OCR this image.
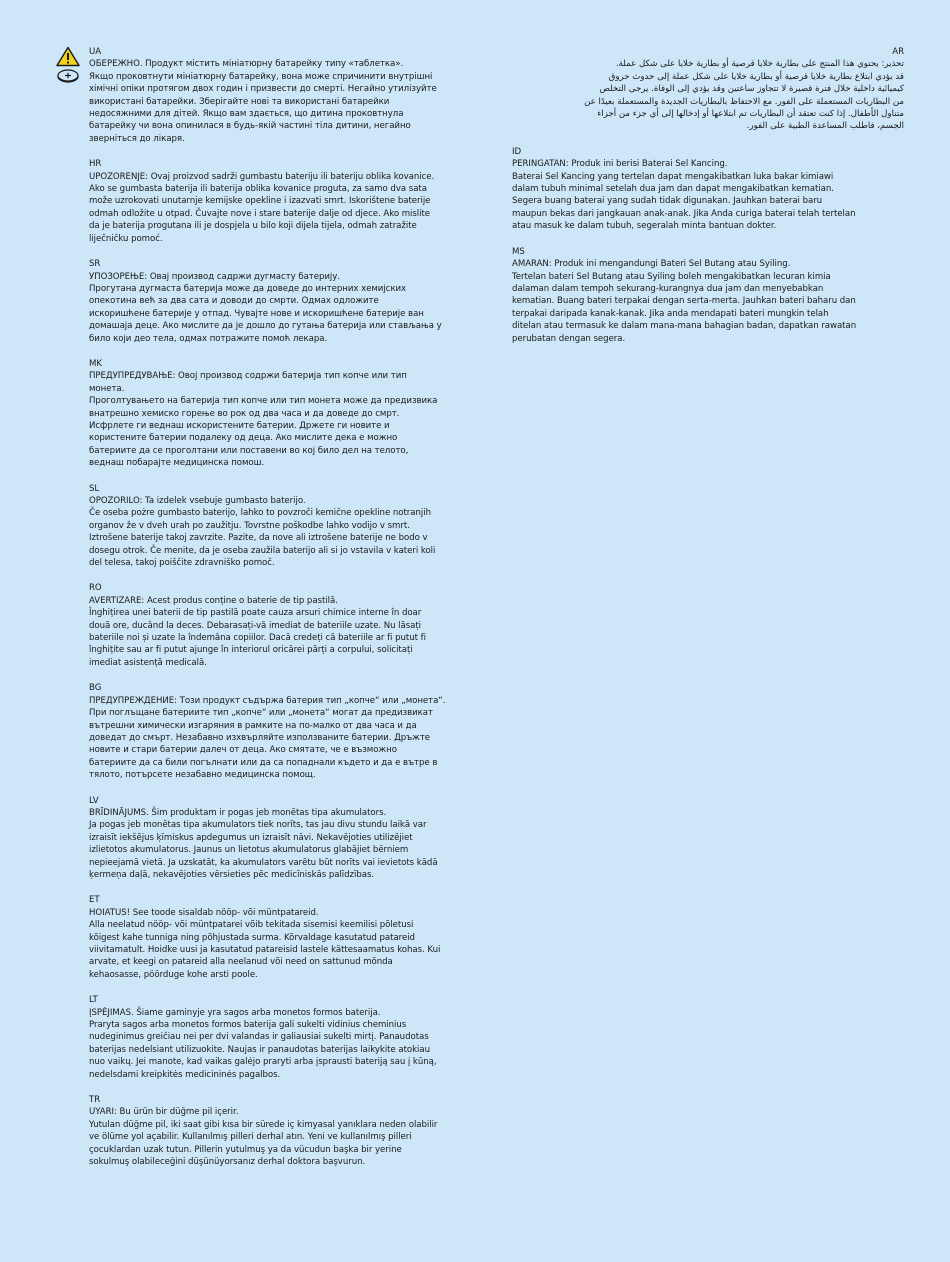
UA
ОБЕРЕЖНО. Продукт містить мініатюрну батарейку типу «таблетка».
Якщо проковтнути мініатюрну батарейку, вона може спричинити внутрішні
хімічні опіки протягом двох годин і призвести до смерті. Негайно утилізуйте
використані батарейки. Зберігайте нові та використані батарейки
недосяжними для дітей. Якщо вам здається, що дитина проковтнула
батарейку чи вона опинилася в будь-якій частині тіла дитини, негайно
зверніться до лікаря.
HR
UPOZORENJE: Ovaj proizvod sadrži gumbastu bateriju ili bateriju oblika kovanice.
Ako se gumbasta baterija ili baterija oblika kovanice proguta, za samo dva sata
može uzrokovati unutarnje kemijske opekline i izazvati smrt. Iskorištene baterije
odmah odložite u otpad. Čuvajte nove i stare baterije dalje od djece. Ako mislite
da je baterija progutana ili je dospjela u bilo koji dijela tijela, odmah zatražite
liječničku pomoć.
SR
УПОЗОРЕЊЕ: Овај производ садржи дугмасту батерију.
Прогутана дугмаста батерија може да доведе до интерних хемијских
опекотина већ за два сата и доводи до смрти. Одмах одложите
искоришћене батерије у отпад. Чувајте нове и искоришћене батерије ван
домашаја деце. Ако мислите да је дошло до гутања батерија или стављања у
било који део тела, одмах потражите помоћ лекара.
MK
ПРЕДУПРЕДУВАЊЕ: Овој производ содржи батерија тип копче или тип
монета.
Проголтувањето на батерија тип копче или тип монета може да предизвика
внатрешно хемиско горење во рок од два часа и да доведе до смрт.
Исфрлете ги веднаш искористените батерии. Држете ги новите и
користените батерии подалеку од деца. Ако мислите дека е можно
батериите да се проголтани или поставени во кој било дел на телото,
веднаш побарајте медицинска помош.
SL
OPOZORILO: Ta izdelek vsebuje gumbasto baterijo.
Če oseba pożre gumbasto baterijo, lahko to povzroči kemične opekline notranjih
organov že v dveh urah po zaužitju. Tovrstne poškodbe lahko vodijo v smrt.
Iztrošene baterije takoj zavrzite. Pazite, da nove ali iztrošene baterije ne bodo v
dosegu otrok. Če menite, da je oseba zaužila baterijo ali si jo vstavila v kateri koli
del telesa, takoj poiščite zdravniško pomoč.
RO
AVERTIZARE: Acest produs conține o baterie de tip pastilă.
Înghițirea unei baterii de tip pastilă poate cauza arsuri chimice interne în doar
două ore, ducând la deces. Debarasați-vă imediat de bateriile uzate. Nu lăsați
bateriile noi și uzate la îndemâna copiilor. Dacă credeți că bateriile ar fi putut fi
înghițite sau ar fi putut ajunge în interiorul oricărei părți a corpului, solicitați
imediat asistență medicală.
BG
ПРЕДУПРЕЖДЕНИЕ: Този продукт съдържа батерия тип „копче“ или „монета“.
При поглъщане батериите тип „копче“ или „монета“ могат да предизвикат
вътрешни химически изгаряния в рамките на по-малко от два часа и да
доведат до смърт. Незабавно изхвърляйте използваните батерии. Дръжте
новите и стари батерии далеч от деца. Ако смятате, че е възможно
батериите да са били погълнати или да са попаднали където и да е вътре в
тялото, потърсете незабавно медицинска помощ.
LV
BRĪDINĀJUMS. Šim produktam ir pogas jeb monētas tipa akumulators.
Ja pogas jeb monētas tipa akumulators tiek norīts, tas jau divu stundu laikā var
izraisīt iekšējus ķīmiskus apdegumus un izraisīt nāvi. Nekavējoties utilizējiet
izlietotos akumulatorus. Jaunus un lietotus akumulatorus glabājiet bērniem
nepieejamā vietā. Ja uzskatāt, ka akumulators varētu būt norīts vai ievietots kādā
ķermeņa daļā, nekavējoties vērsieties pēc medicīniskās palīdzības.
ET
HOIATUS! See toode sisaldab nööp- või müntpatareid.
Alla neelatud nööp- või müntpatarei võib tekitada sisemisi keemilisi põletusi
kõigest kahe tunniga ning põhjustada surma. Kõrvaldage kasutatud patareid
viivitamatult. Hoidke uusi ja kasutatud patareisid lastele kättesaamatus kohas. Kui
arvate, et keegi on patareid alla neelanud või need on sattunud mõnda
kehaosasse, pöörduge kohe arsti poole.
LT
ĮSPĖJIMAS. Šiame gaminyje yra sagos arba monetos formos baterija.
Praryta sagos arba monetos formos baterija gali sukelti vidinius cheminius
nudeginimus greičiau nei per dvi valandas ir galiausiai sukelti mirtį. Panaudotas
baterijas nedelsiant utilizuokite. Naujas ir panaudotas baterijas laikykite atokiau
nuo vaikų. Jei manote, kad vaikas galėjo praryti arba įsprausti bateriją sau į kūną,
nedelsdami kreipkitės medicininės pagalbos.
TR
UYARI: Bu ürün bir düğme pil içerir.
Yutulan düğme pil, iki saat gibi kısa bir sürede iç kimyasal yanıklara neden olabilir
ve ölüme yol açabilir. Kullanılmış pilleri derhal atın. Yeni ve kullanılmış pilleri
çocuklardan uzak tutun. Pillerin yutulmuş ya da vücudun başka bir yerine
sokulmuş olabileceğini düşünüyorsanız derhal doktora başvurun.
AR
تحذير: يحتوي هذا المنتج على بطارية خلايا قرصية أو بطارية خلايا على شكل عملة.
قد يؤدي ابتلاع بطارية خلايا قرصية أو بطارية خلايا على شكل عملة إلى حدوث حروق
كيميائية داخلية خلال فترة قصيرة لا تتجاوز ساعتين وقد يؤدي إلى الوفاة. يرجى التخلص
من البطاريات المستعملة على الفور. مع الاحتفاظ بالبطاريات الجديدة والمستعملة بعيدًا عن
متناول الأطفال. إذا كنت تعتقد أن البطاريات تم ابتلاعها أو إدخالها إلى أي جزء من أجزاء
الجسم، فاطلب المساعدة الطبية على الفور.
ID
PERINGATAN: Produk ini berisi Baterai Sel Kancing.
Baterai Sel Kancing yang tertelan dapat mengakibatkan luka bakar kimiawi
dalam tubuh minimal setelah dua jam dan dapat mengakibatkan kematian.
Segera buang baterai yang sudah tidak digunakan. Jauhkan baterai baru
maupun bekas dari jangkauan anak-anak. Jika Anda curiga baterai telah tertelan
atau masuk ke dalam tubuh, segeralah minta bantuan dokter.
MS
AMARAN: Produk ini mengandungi Bateri Sel Butang atau Syiling.
Tertelan bateri Sel Butang atau Syiling boleh mengakibatkan lecuran kimia
dalaman dalam tempoh sekurang-kurangnya dua jam dan menyebabkan
kematian. Buang bateri terpakai dengan serta-merta. Jauhkan bateri baharu dan
terpakai daripada kanak-kanak. Jika anda mendapati bateri mungkin telah
ditelan atau termasuk ke dalam mana-mana bahagian badan, dapatkan rawatan
perubatan dengan segera.
